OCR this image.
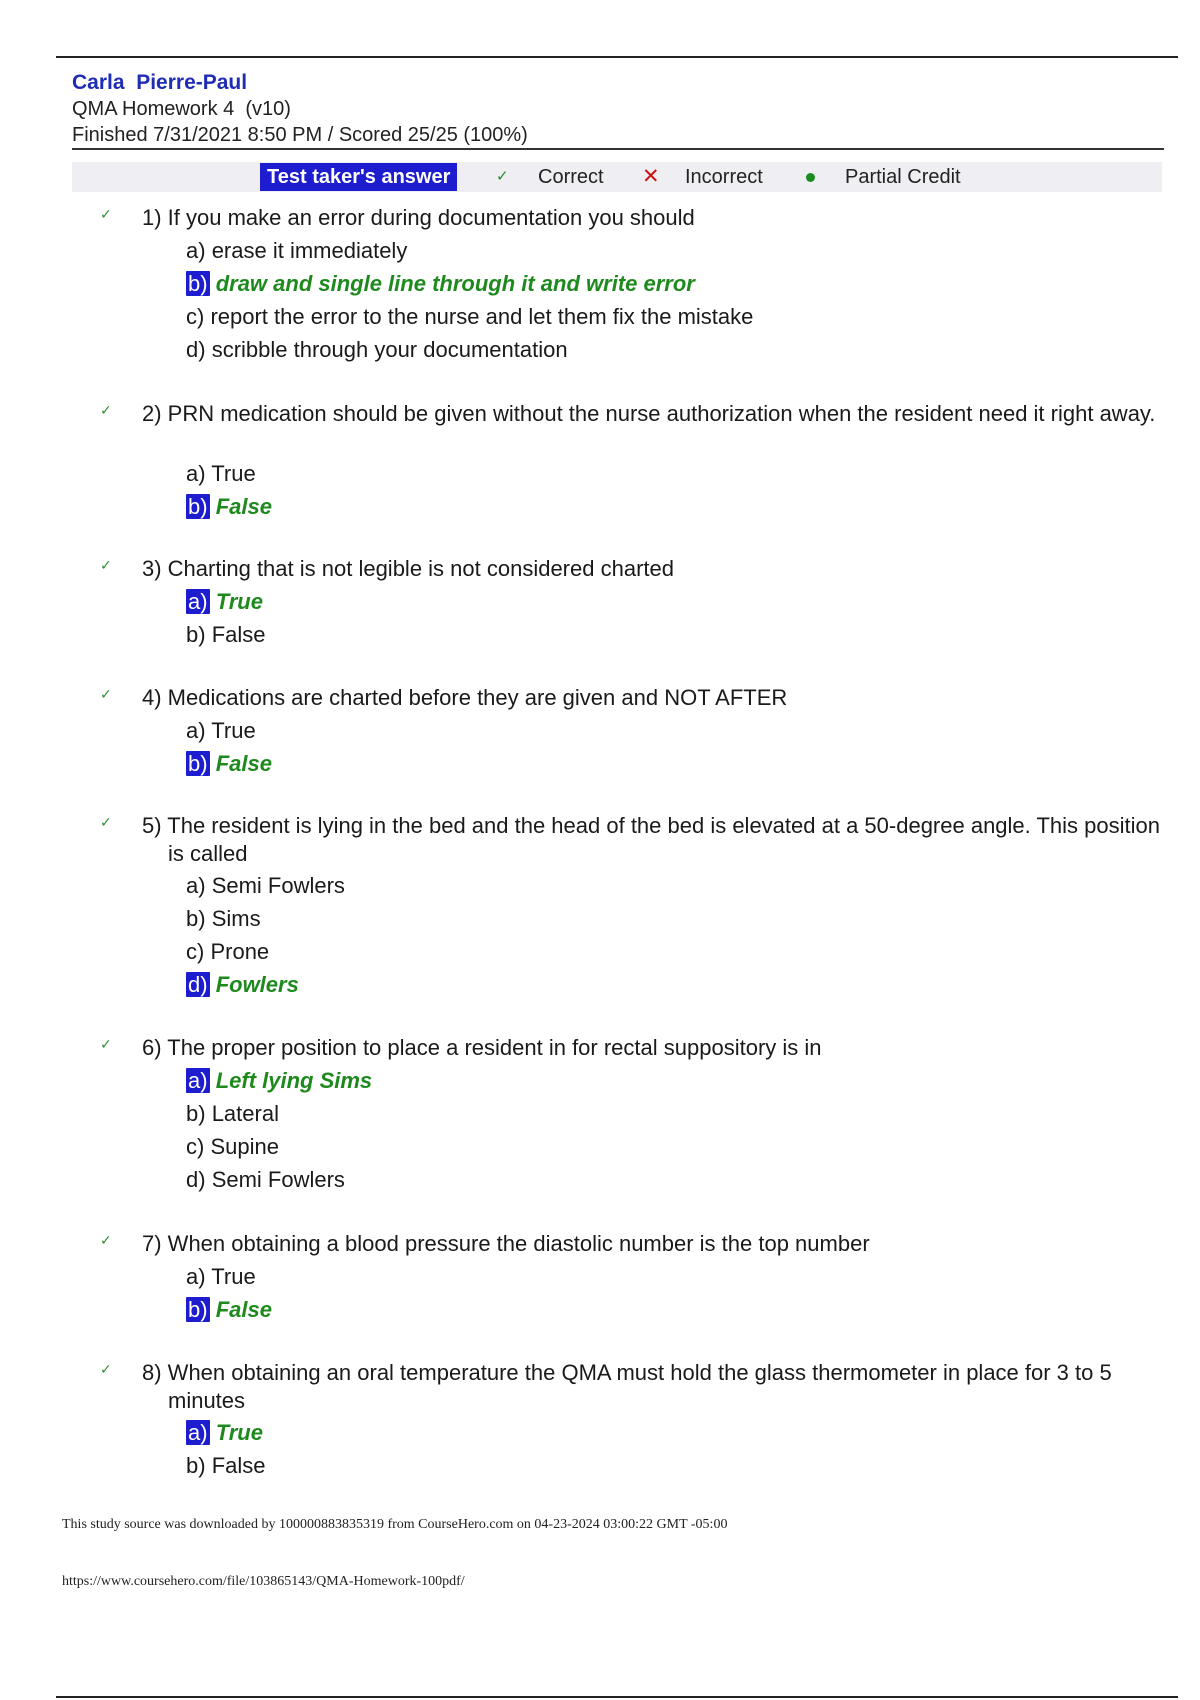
Carla  Pierre-Paul
QMA Homework 4  (v10)
Finished 7/31/2021 8:50 PM / Scored 25/25 (100%)
Test taker's answer	✓ Correct ✕ Incorrect	Partial Credit
✓ 1) If you make an error during documentation you should
a) erase it immediately
b) draw and single line through it and write error
c) report the error to the nurse and let them fix the mistake
d) scribble through your documentation
✓ 2) PRN medication should be given without the nurse authorization when the resident need it right away.
a) True
b) False
✓ 3) Charting that is not legible is not considered charted
a) True
b) False
✓ 4) Medications are charted before they are given and NOT AFTER
a) True
b) False
✓ 5) The resident is lying in the bed and the head of the bed is elevated at a 50-degree angle. This position is called
a) Semi Fowlers
b) Sims
c) Prone
d) Fowlers
✓ 6) The proper position to place a resident in for rectal suppository is in
a) Left lying Sims
b) Lateral
c) Supine
d) Semi Fowlers
✓ 7) When obtaining a blood pressure the diastolic number is the top number
a) True
b) False
✓ 8) When obtaining an oral temperature the QMA must hold the glass thermometer in place for 3 to 5 minutes
a) True
b) False
This study source was downloaded by 100000883835319 from CourseHero.com on 04-23-2024 03:00:22 GMT -05:00
https://www.coursehero.com/file/103865143/QMA-Homework-100pdf/
